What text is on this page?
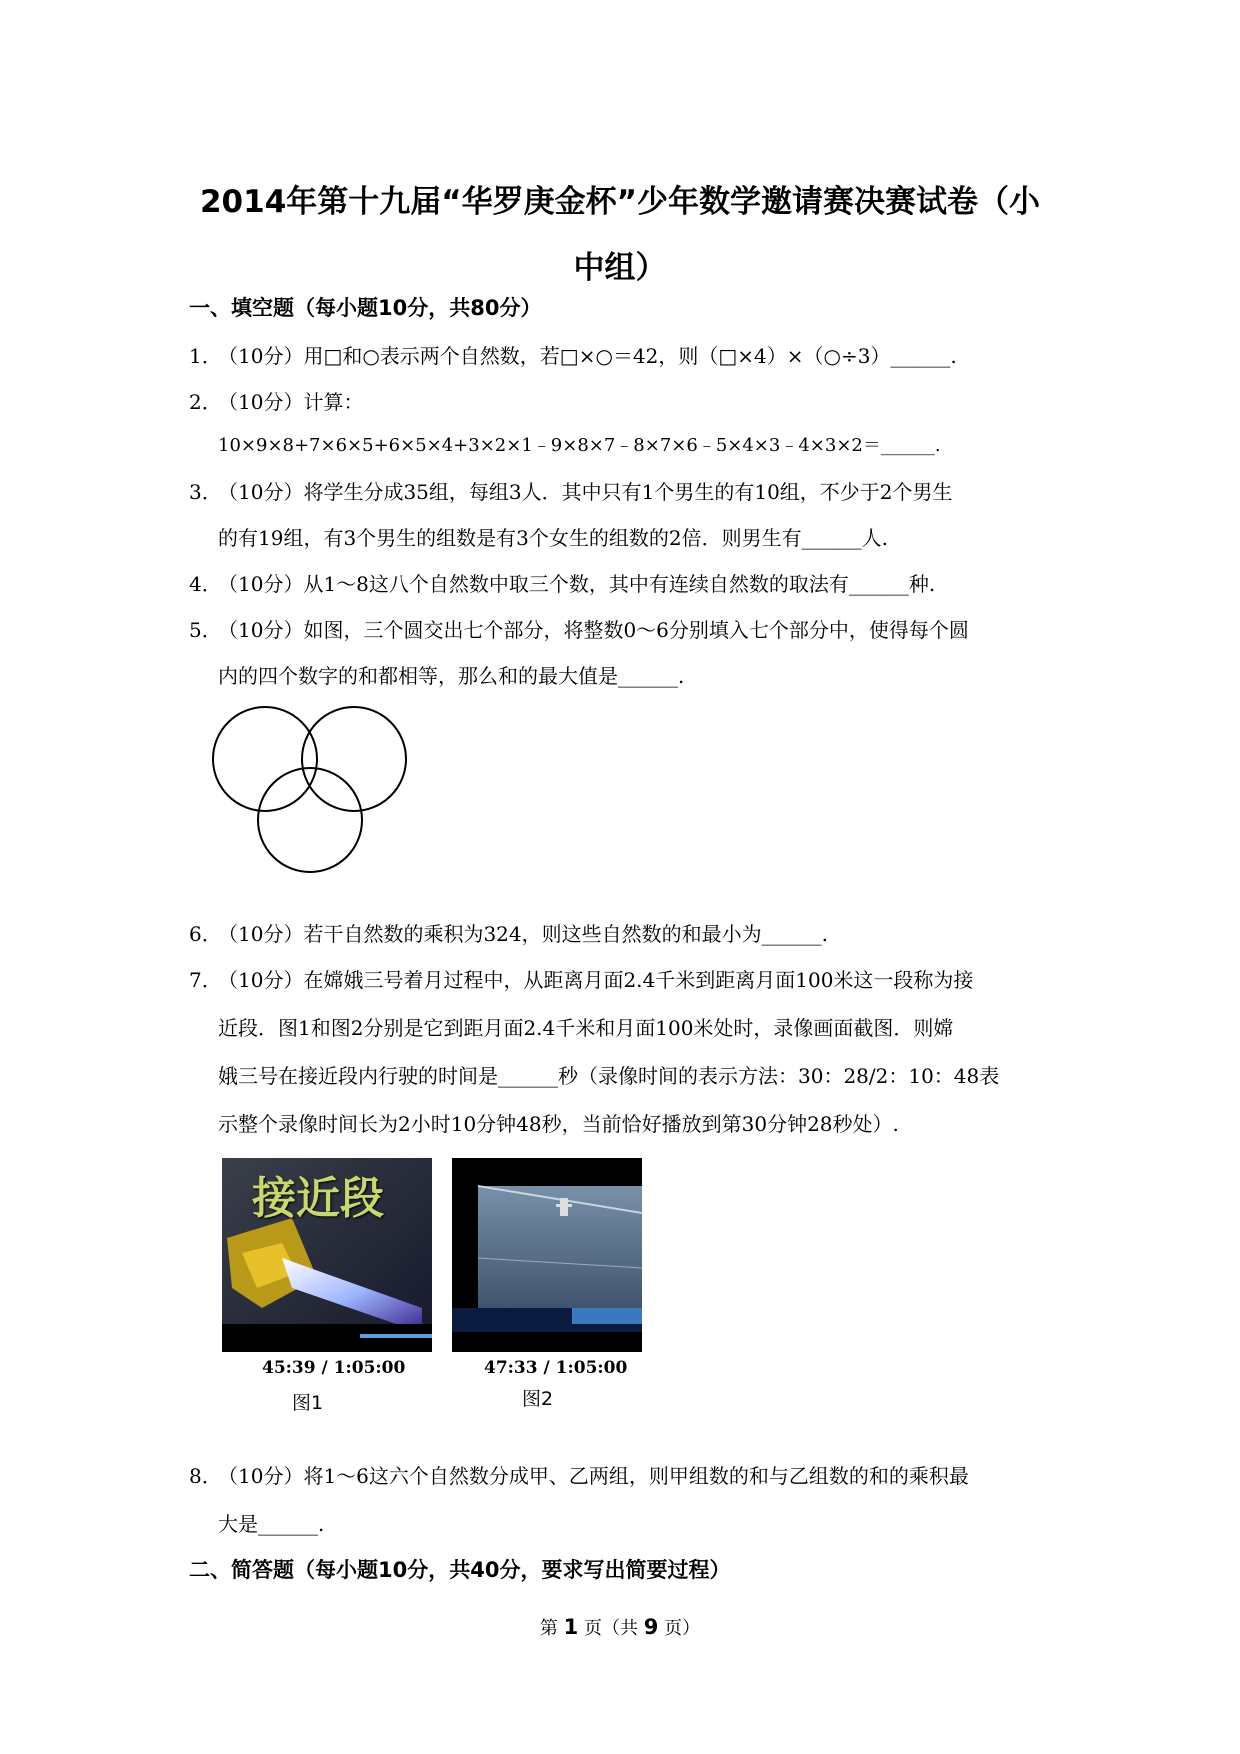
2014年第十九届“华罗庚金杯”少年数学邀请赛决赛试卷（小
中组）
一、填空题（每小题10分，共80分）
1．
（10分）用□和○表示两个自然数，若□×○＝42，则（□×4）×（○÷3）______.
2．
（10分）计算：
10×9×8+7×6×5+6×5×4+3×2×1﹣9×8×7﹣8×7×6﹣5×4×3﹣4×3×2＝______.
3．
（10分）将学生分成35组，每组3人．其中只有1个男生的有10组，不少于2个男生
的有19组，有3个男生的组数是有3个女生的组数的2倍．则男生有______人.
4．
（10分）从1～8这八个自然数中取三个数，其中有连续自然数的取法有______种.
5．
（10分）如图，三个圆交出七个部分，将整数0～6分别填入七个部分中，使得每个圆
内的四个数字的和都相等，那么和的最大值是______.
6．
（10分）若干自然数的乘积为324，则这些自然数的和最小为______.
7．
（10分）在嫦娥三号着月过程中，从距离月面2.4千米到距离月面100米这一段称为接
近段．图1和图2分别是它到距月面2.4千米和月面100米处时，录像画面截图．则嫦
娥三号在接近段内行驶的时间是______秒（录像时间的表示方法：30：28/2：10：48表
示整个录像时间长为2小时10分钟48秒，当前恰好播放到第30分钟28秒处）.
接近段
45:39 / 1:05:00
图1
47:33 / 1:05:00
图2
8．
（10分）将1～6这六个自然数分成甲、乙两组，则甲组数的和与乙组数的和的乘积最
大是______.
二、简答题（每小题10分，共40分，要求写出简要过程）
第 1 页（共 9 页）
